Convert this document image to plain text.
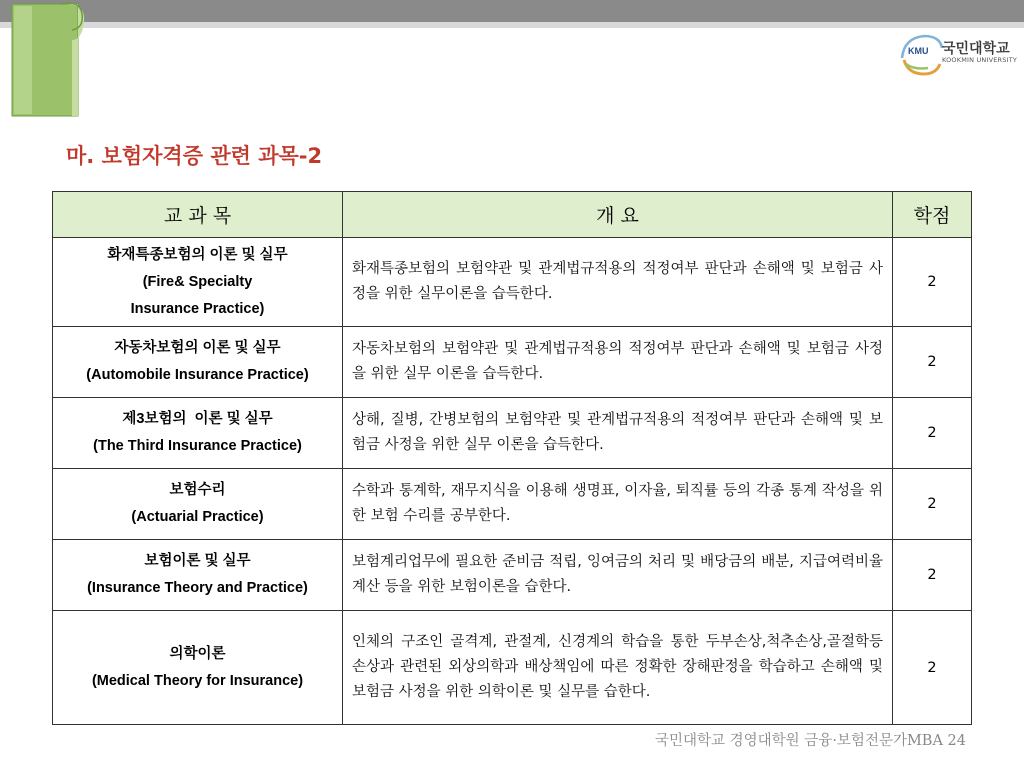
KMU 국민대학교
KOOKMIN UNIVERSITY
마. 보험자격증 관련 과목-2
교 과 목	개 요	학점

화재특종보험의 이론 및 실무
(Fire& Specialty
Insurance Practice)	화재특종보험의 보험약관 및 관계법규적용의 적정여부 판단과 손해액 및 보험금 사정을 위한 실무이론을 습득한다.	2

자동차보험의 이론 및 실무
(Automobile Insurance Practice)	자동차보험의 보험약관 및 관계법규적용의 적정여부 판단과 손해액 및 보험금 사정을 위한 실무 이론을 습득한다.	2

제3보험의  이론 및 실무
(The Third Insurance Practice)	상해, 질병, 간병보험의 보험약관 및 관계법규적용의 적정여부 판단과 손해액 및 보험금 사정을 위한 실무 이론을 습득한다.	2

보험수리
(Actuarial Practice)	수학과 통계학, 재무지식을 이용해 생명표, 이자율, 퇴직률 등의 각종 통계 작성을 위한 보험 수리를 공부한다.	2

보험이론 및 실무
(Insurance Theory and Practice)	보험계리업무에 필요한 준비금 적립, 잉여금의 처리 및 배당금의 배분, 지급여력비율 계산 등을 위한 보험이론을 습한다.	2

의학이론
(Medical Theory for Insurance)	인체의 구조인 골격계, 관절계, 신경계의 학습을 통한 두부손상,척추손상,골절학등 손상과 관련된 외상의학과 배상책임에 따른 정확한 장해판정을 학습하고 손해액 및 보험금 사정을 위한 의학이론 및 실무를 습한다.	2
국민대학교 경영대학원 금융·보험전문가MBA 24
